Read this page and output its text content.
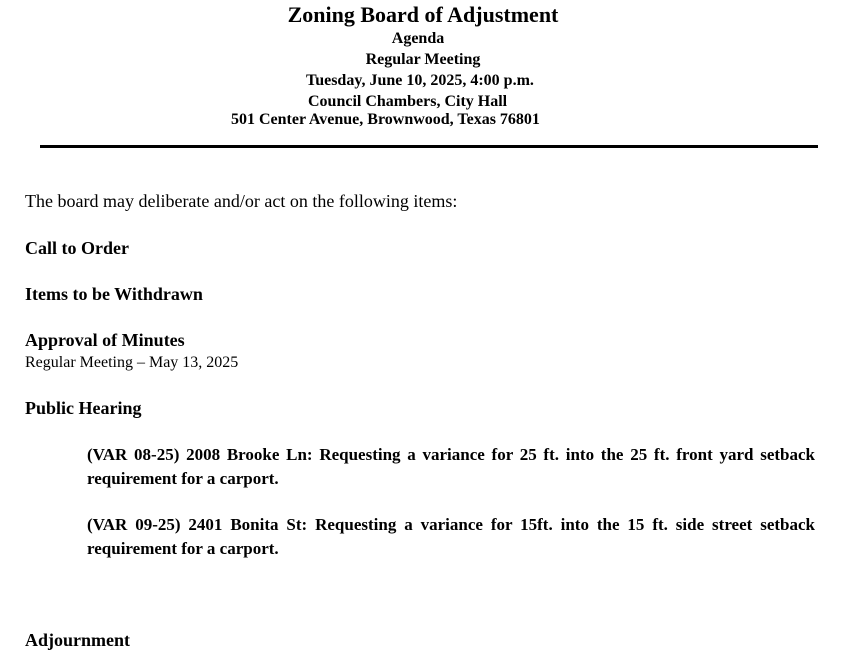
Zoning Board of Adjustment
Agenda
Regular Meeting
Tuesday, June 10, 2025, 4:00 p.m.
Council Chambers, City Hall
501 Center Avenue, Brownwood, Texas 76801
The board may deliberate and/or act on the following items:
Call to Order
Items to be Withdrawn
Approval of Minutes
Regular Meeting – May 13, 2025
Public Hearing
(VAR 08-25) 2008 Brooke Ln: Requesting a variance for 25 ft. into the 25 ft. front yard setback requirement for a carport.
(VAR 09-25) 2401 Bonita St: Requesting a variance for 15ft. into the 15 ft. side street setback requirement for a carport.
Adjournment
